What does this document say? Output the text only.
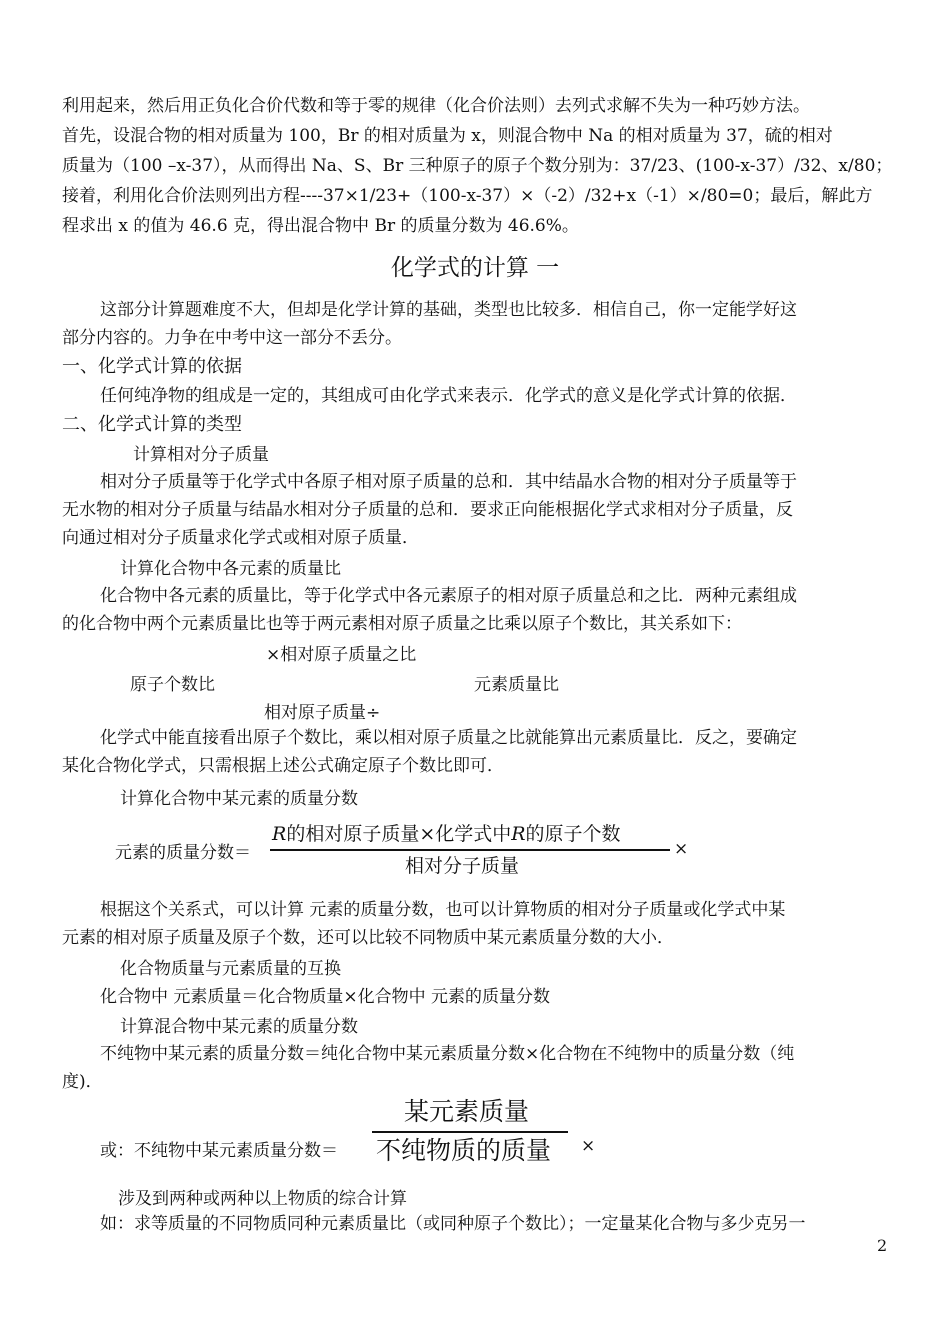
利用起来，然后用正负化合价代数和等于零的规律（化合价法则）去列式求解不失为一种巧妙方法。
首先，设混合物的相对质量为 100，Br 的相对质量为 x，则混合物中 Na 的相对质量为 37，硫的相对
质量为（100 –x-37），从而得出 Na、S、Br 三种原子的原子个数分别为：37/23、(100-x-37）/32、x/80；
接着，利用化合价法则列出方程----37×1/23+（100-x-37）×（-2）/32+x（-1）×/80=0；最后，解此方
程求出 x 的值为 46.6 克，得出混合物中 Br 的质量分数为 46.6%。
化学式的计算 一
这部分计算题难度不大，但却是化学计算的基础，类型也比较多．相信自己，你一定能学好这
部分内容的。力争在中考中这一部分不丢分。
一、化学式计算的依据
任何纯净物的组成是一定的，其组成可由化学式来表示．化学式的意义是化学式计算的依据．
二、化学式计算的类型
计算相对分子质量
相对分子质量等于化学式中各原子相对原子质量的总和．其中结晶水合物的相对分子质量等于
无水物的相对分子质量与结晶水相对分子质量的总和．要求正向能根据化学式求相对分子质量，反
向通过相对分子质量求化学式或相对原子质量．
计算化合物中各元素的质量比
化合物中各元素的质量比，等于化学式中各元素原子的相对原子质量总和之比．两种元素组成
的化合物中两个元素质量比也等于两元素相对原子质量之比乘以原子个数比，其关系如下：
×相对原子质量之比
原子个数比	元素质量比
相对原子质量÷
化学式中能直接看出原子个数比，乘以相对原子质量之比就能算出元素质量比．反之，要确定
某化合物化学式，只需根据上述公式确定原子个数比即可．
计算化合物中某元素的质量分数
元素的质量分数＝
R的相对原子质量×化学式中R的原子个数
相对分子质量
×
根据这个关系式，可以计算 元素的质量分数，也可以计算物质的相对分子质量或化学式中某
元素的相对原子质量及原子个数，还可以比较不同物质中某元素质量分数的大小．
化合物质量与元素质量的互换
化合物中 元素质量＝化合物质量×化合物中 元素的质量分数
计算混合物中某元素的质量分数
不纯物中某元素的质量分数＝纯化合物中某元素质量分数×化合物在不纯物中的质量分数（纯
度)．
某元素质量
或：不纯物中某元素质量分数＝ 不纯物质的质量 ×
涉及到两种或两种以上物质的综合计算
如：求等质量的不同物质同种元素质量比（或同种原子个数比）；一定量某化合物与多少克另一
2
